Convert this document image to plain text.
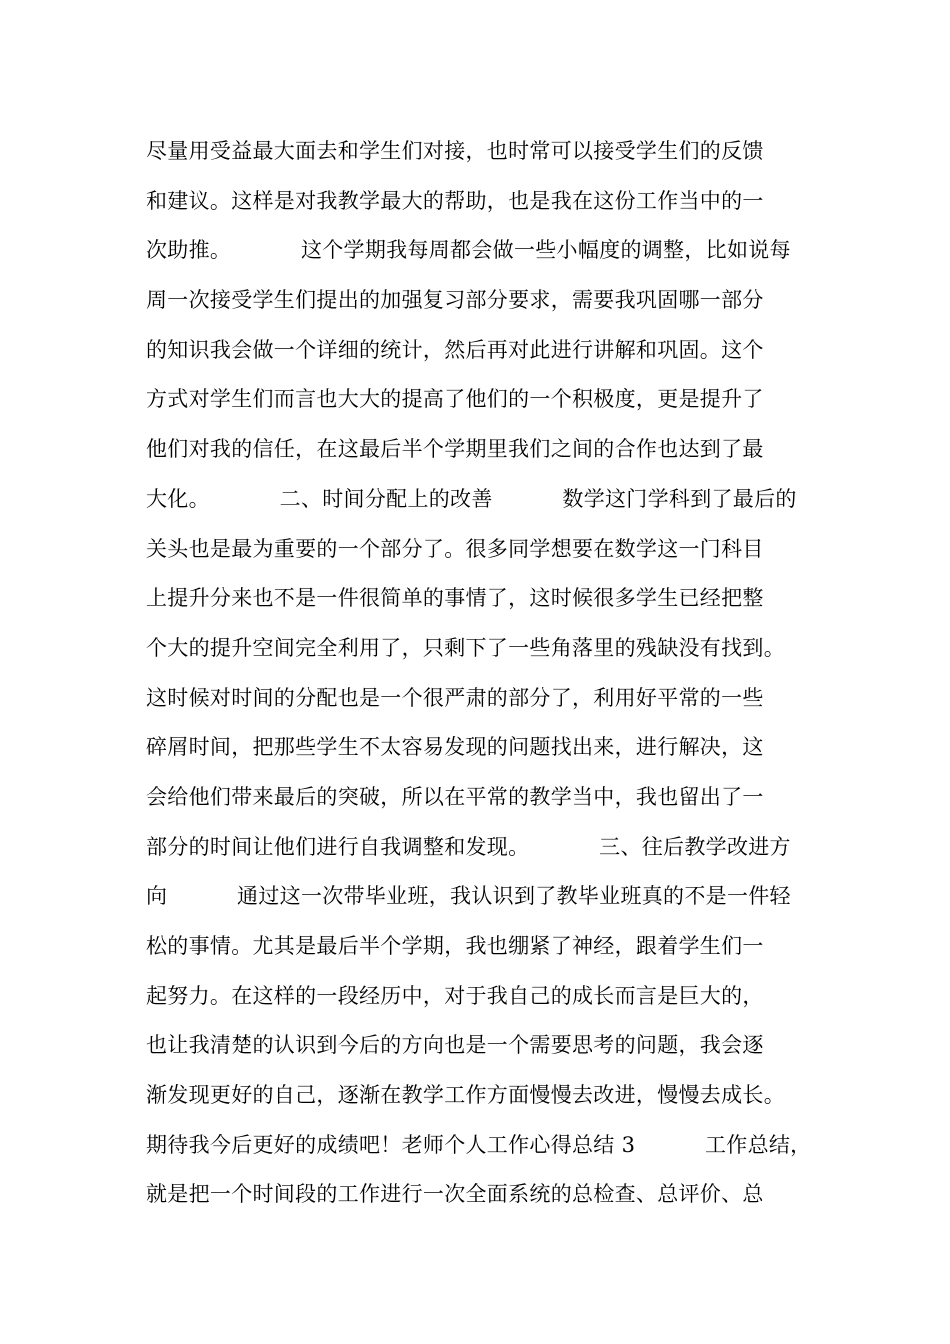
尽量用受益最大面去和学生们对接，也时常可以接受学生们的反馈
和建议。这样是对我教学最大的帮助，也是我在这份工作当中的一
次助推。          这个学期我每周都会做一些小幅度的调整，比如说每
周一次接受学生们提出的加强复习部分要求，需要我巩固哪一部分
的知识我会做一个详细的统计，然后再对此进行讲解和巩固。这个
方式对学生们而言也大大的提高了他们的一个积极度，更是提升了
他们对我的信任，在这最后半个学期里我们之间的合作也达到了最
大化。          二、时间分配上的改善          数学这门学科到了最后的
关头也是最为重要的一个部分了。很多同学想要在数学这一门科目
上提升分来也不是一件很简单的事情了，这时候很多学生已经把整
个大的提升空间完全利用了，只剩下了一些角落里的残缺没有找到。
这时候对时间的分配也是一个很严肃的部分了，利用好平常的一些
碎屑时间，把那些学生不太容易发现的问题找出来，进行解决，这
会给他们带来最后的突破，所以在平常的教学当中，我也留出了一
部分的时间让他们进行自我调整和发现。          三、往后教学改进方
向          通过这一次带毕业班，我认识到了教毕业班真的不是一件轻
松的事情。尤其是最后半个学期，我也绷紧了神经，跟着学生们一
起努力。在这样的一段经历中，对于我自己的成长而言是巨大的，
也让我清楚的认识到今后的方向也是一个需要思考的问题，我会逐
渐发现更好的自己，逐渐在教学工作方面慢慢去改进，慢慢去成长。
期待我今后更好的成绩吧！老师个人工作心得总结 3          工作总结，
就是把一个时间段的工作进行一次全面系统的总检查、总评价、总
